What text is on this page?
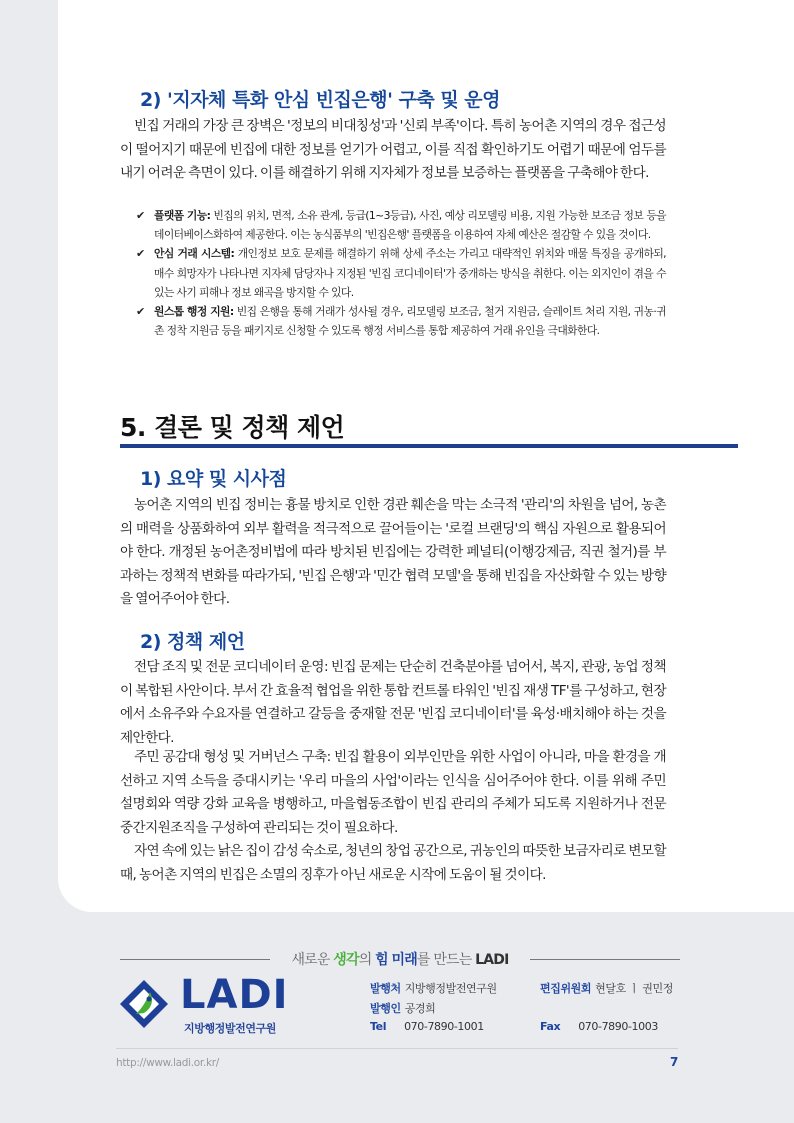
2) '지자체 특화 안심 빈집은행' 구축 및 운영

빈집 거래의 가장 큰 장벽은 '정보의 비대칭성'과 '신뢰 부족'이다. 특히 농어촌 지역의 경우 접근성이 떨어지기 때문에 빈집에 대한 정보를 얻기가 어렵고, 이를 직접 확인하기도 어렵기 때문에 엄두를 내기 어려운 측면이 있다. 이를 해결하기 위해 지자체가 정보를 보증하는 플랫폼을 구축해야 한다.

✔ 플랫폼 기능: 빈집의 위치, 면적, 소유 관계, 등급(1~3등급), 사진, 예상 리모델링 비용, 지원 가능한 보조금 정보 등을 데이터베이스화하여 제공한다. 이는 농식품부의 '빈집은행' 플랫폼을 이용하여 자체 예산은 절감할 수 있을 것이다.
✔ 안심 거래 시스템: 개인정보 보호 문제를 해결하기 위해 상세 주소는 가리고 대략적인 위치와 매물 특징을 공개하되, 매수 희망자가 나타나면 지자체 담당자나 지정된 '빈집 코디네이터'가 중개하는 방식을 취한다. 이는 외지인이 겪을 수 있는 사기 피해나 정보 왜곡을 방지할 수 있다.
✔ 원스톱 행정 지원: 빈집 은행을 통해 거래가 성사될 경우, 리모델링 보조금, 철거 지원금, 슬레이트 처리 지원, 귀농·귀촌 정착 지원금 등을 패키지로 신청할 수 있도록 행정 서비스를 통합 제공하여 거래 유인을 극대화한다.
5. 결론 및 정책 제언
1) 요약 및 시사점

농어촌 지역의 빈집 정비는 흉물 방치로 인한 경관 훼손을 막는 소극적 '관리'의 차원을 넘어, 농촌의 매력을 상품화하여 외부 활력을 적극적으로 끌어들이는 '로컬 브랜딩'의 핵심 자원으로 활용되어야 한다. 개정된 농어촌정비법에 따라 방치된 빈집에는 강력한 페널티(이행강제금, 직권 철거)를 부과하는 정책적 변화를 따라가되, '빈집 은행'과 '민간 협력 모델'을 통해 빈집을 자산화할 수 있는 방향을 열어주어야 한다.

2) 정책 제언

전담 조직 및 전문 코디네이터 운영: 빈집 문제는 단순히 건축분야를 넘어서, 복지, 관광, 농업 정책이 복합된 사안이다. 부서 간 효율적 협업을 위한 통합 컨트롤 타워인 '빈집 재생 TF'를 구성하고, 현장에서 소유주와 수요자를 연결하고 갈등을 중재할 전문 '빈집 코디네이터'를 육성·배치해야 하는 것을 제안한다.

주민 공감대 형성 및 거버넌스 구축: 빈집 활용이 외부인만을 위한 사업이 아니라, 마을 환경을 개선하고 지역 소득을 증대시키는 '우리 마을의 사업'이라는 인식을 심어주어야 한다. 이를 위해 주민 설명회와 역량 강화 교육을 병행하고, 마을협동조합이 빈집 관리의 주체가 되도록 지원하거나 전문 중간지원조직을 구성하여 관리되는 것이 필요하다.

자연 속에 있는 낡은 집이 감성 숙소로, 청년의 창업 공간으로, 귀농인의 따뜻한 보금자리로 변모할 때, 농어촌 지역의 빈집은 소멸의 징후가 아닌 새로운 시작에 도움이 될 것이다.

새로운 생각의 힘 미래를 만드는 LADI

LADI

지방행정발전연구원

발행처 지방행정발전연구원
발행인 공경희
Tel 070-7890-1001
편집위원회 현달호 ㅣ 권민정
Fax 070-7890-1003
http://www.ladi.or.kr/	7
